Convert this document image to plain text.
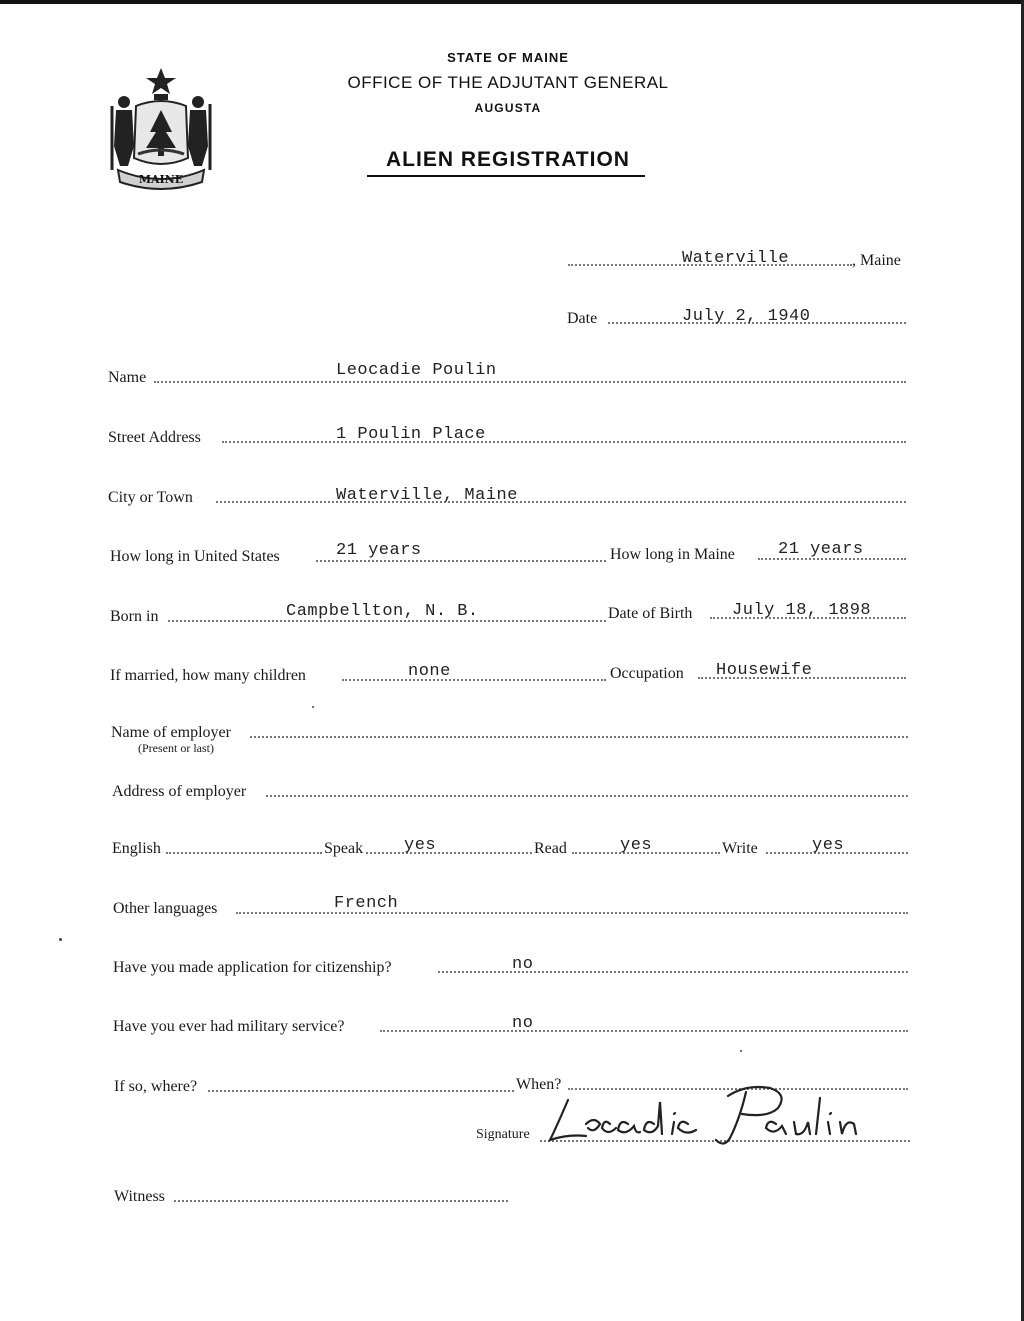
MAINE
STATE OF MAINE
OFFICE OF THE ADJUTANT GENERAL
AUGUSTA
ALIEN REGISTRATION
Waterville	, Maine
Date	July 2, 1940
Name	Leocadie Poulin
Street Address	1 Poulin Place
City or Town	Waterville, Maine
How long in United States	21 years	How long in Maine	21 years
Born in	Campbellton, N. B.	Date of Birth July 18, 1898
If married, how many children	none	Occupation Housewife
Name of employer
(Present or last)
Address of employer
English	Speak yes	Read	yes	Write	yes
Other languages	French
Have you made application for citizenship?	no
Have you ever had military service?	no
If so, where?	When?
Signature
Witness
